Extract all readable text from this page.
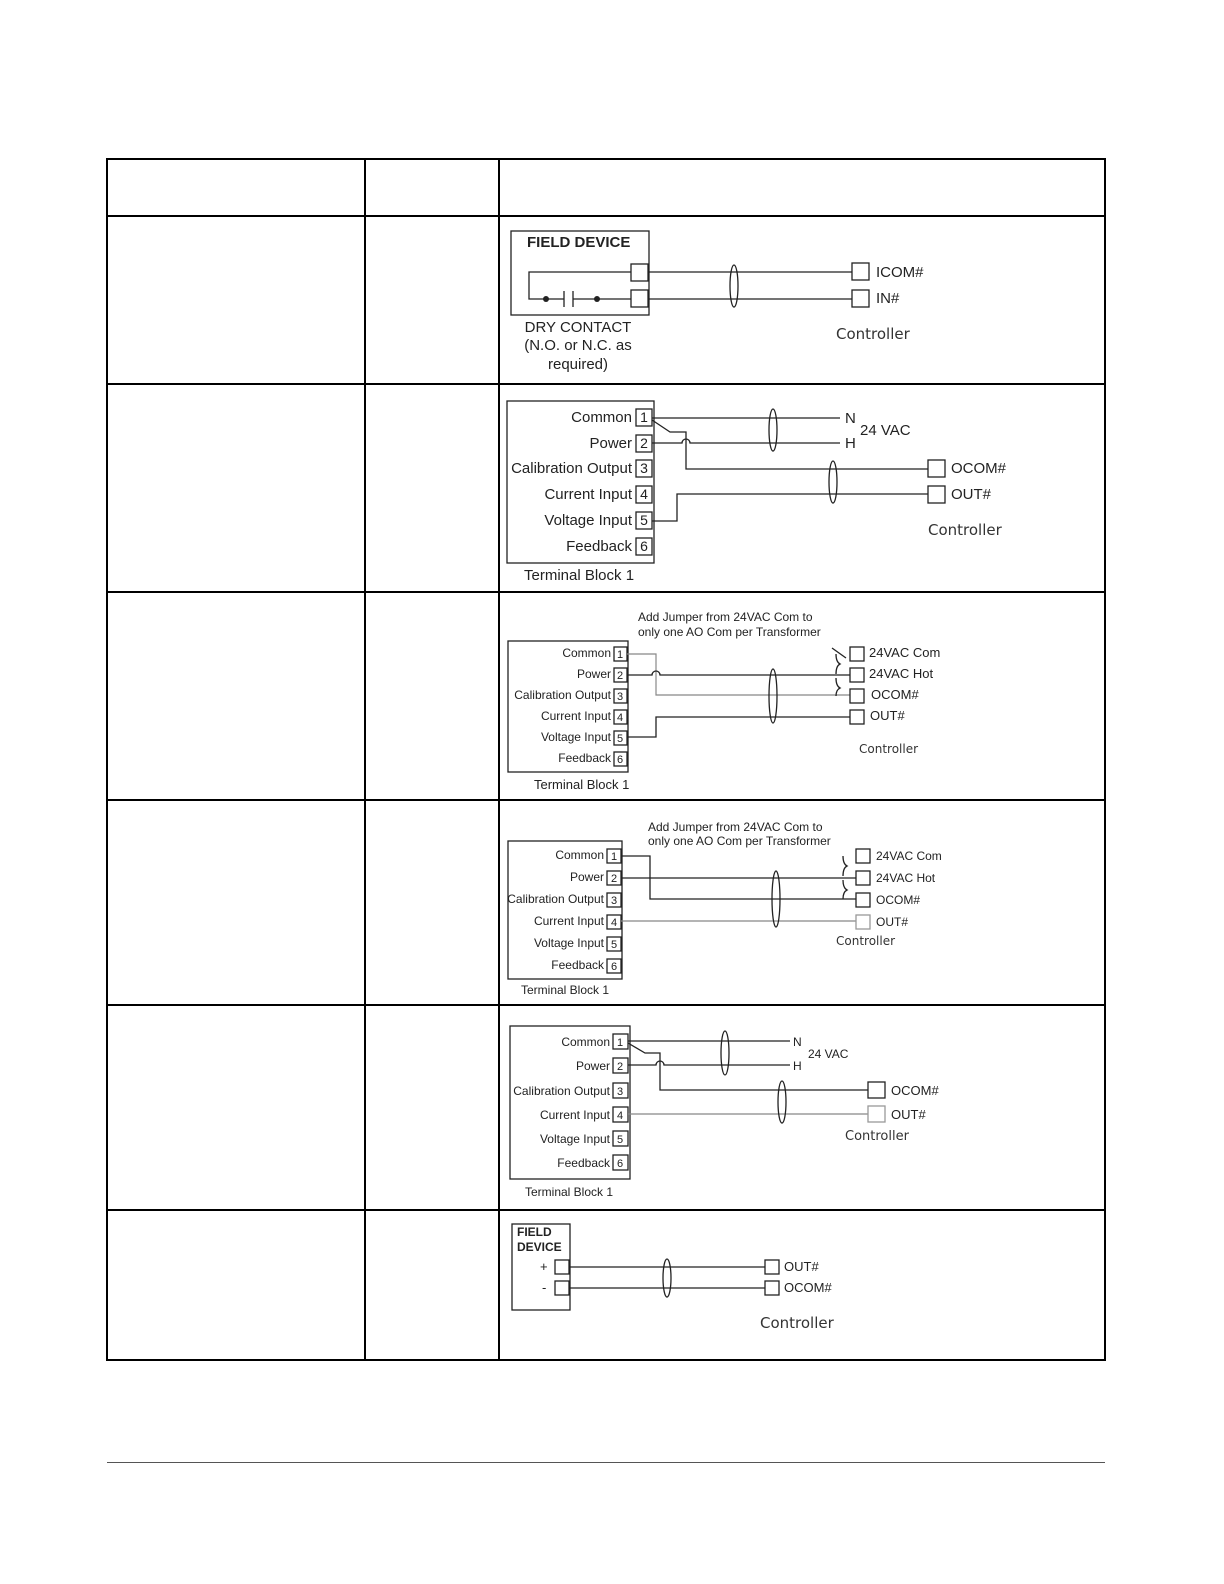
FIELD DEVICE
ICOM#
IN#
Controller
DRY CONTACT
(N.O. or N.C. as
required)
Common
Power
Calibration Output
Current Input
Voltage Input
Feedback
1
2
3
4
5
6
N
H
24 VAC
OCOM#
OUT#
Controller
Terminal Block 1
Add Jumper from 24VAC Com to
only one AO Com per Transformer
Common
Power
Calibration Output
Current Input
Voltage Input
Feedback
1
2
3
4
5
6
24VAC Com
24VAC Hot
OCOM#
OUT#
Controller
Terminal Block 1
Add Jumper from 24VAC Com to
only one AO Com per Transformer
Common
Power
Calibration Output
Current Input
Voltage Input
Feedback
1
2
3
4
5
6
24VAC Com
24VAC Hot
OCOM#
OUT#
Controller
Terminal Block 1
Common
Power
Calibration Output
Current Input
Voltage Input
Feedback
1
2
3
4
5
6
N
H
24 VAC
OCOM#
OUT#
Controller
Terminal Block 1
FIELD
DEVICE
+
-
OUT#
OCOM#
Controller
